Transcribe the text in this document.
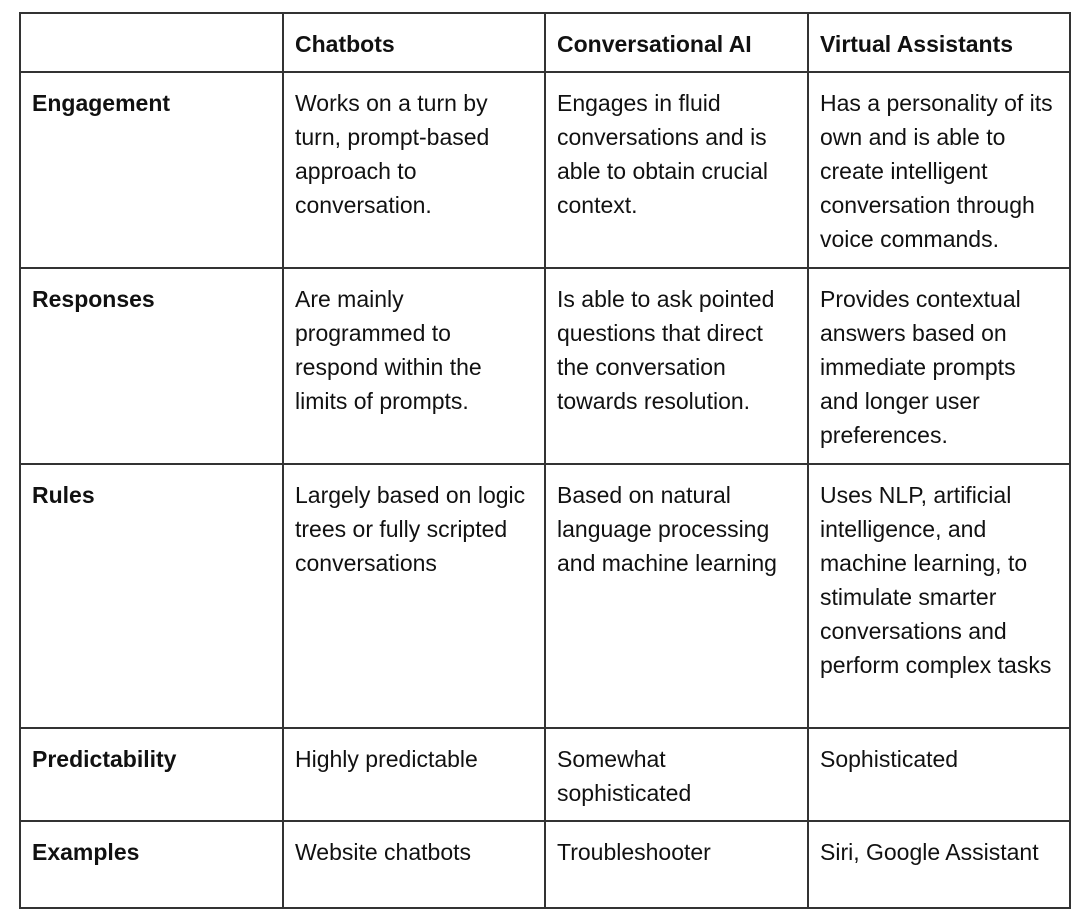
	Chatbots	Conversational AI	Virtual Assistants
Engagement	Works on a turn by turn, prompt-based approach to conversation.	Engages in fluid conversations and is able to obtain crucial context.	Has a personality of its own and is able to create intelligent conversation through voice commands.
Responses	Are mainly programmed to respond within the limits of prompts.	Is able to ask pointed questions that direct the conversation towards resolution.	Provides contextual answers based on immediate prompts and longer user preferences.
Rules	Largely based on logic trees or fully scripted conversations	Based on natural language processing and machine learning	Uses NLP, artificial intelligence, and machine learning, to stimulate smarter conversations and perform complex tasks
Predictability	Highly predictable	Somewhat sophisticated	Sophisticated
Examples	Website chatbots	Troubleshooter	Siri, Google Assistant
